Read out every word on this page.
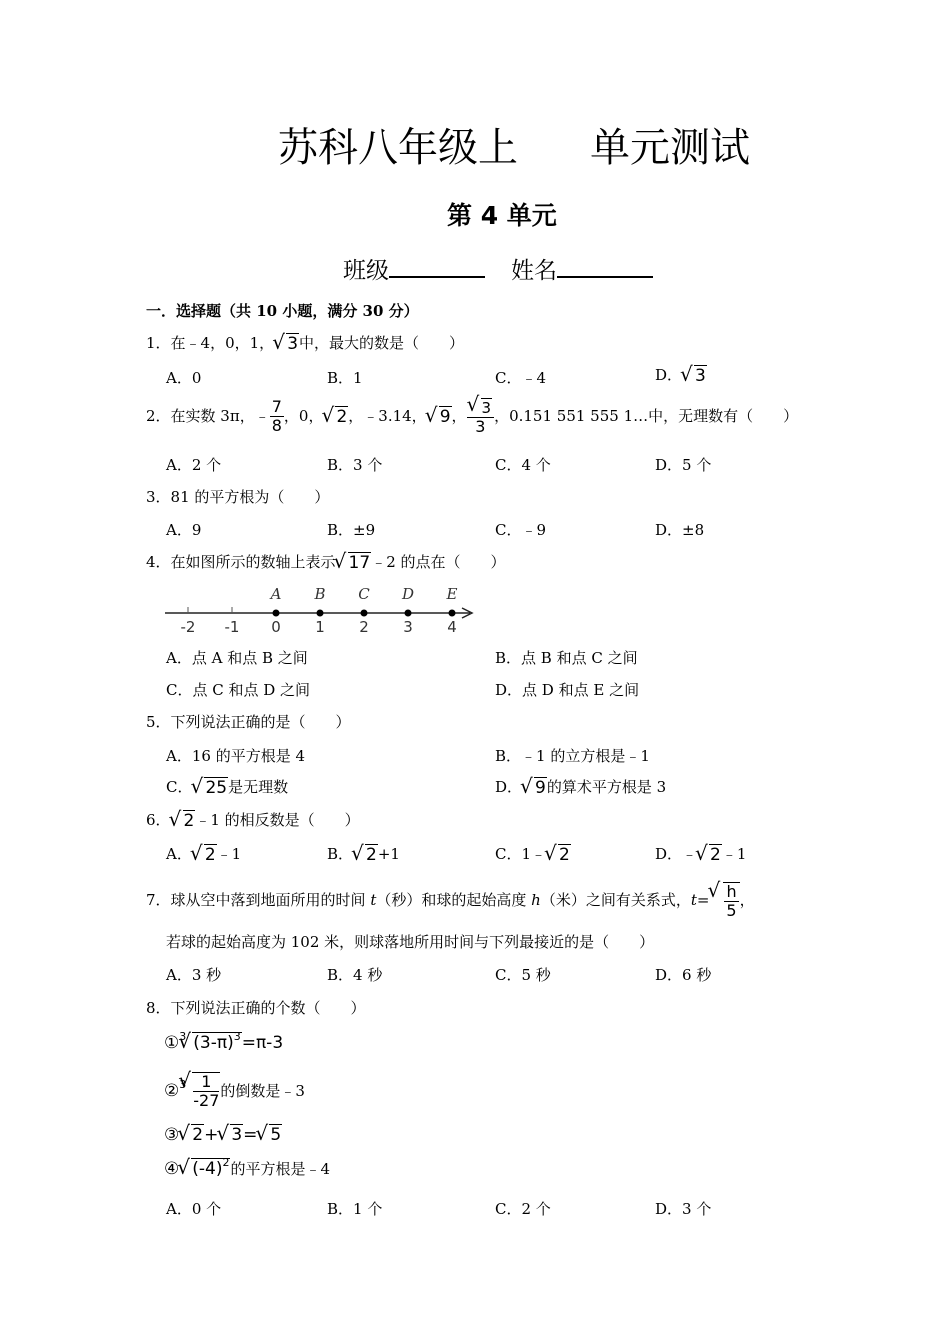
苏科八年级上 单元测试
第 4 单元
班级	姓名
一．选择题（共 10 小题，满分 30 分）
1．在﹣4，0，1， √ 3中，最大的数是（　　）
A．0	B．1	C．﹣4	D． √ 3
2．在实数 3π，﹣ $\frac{7}{8}$ ，0， √ 2，﹣3.14， √ 9， √ $\frac{3}{3}$ ，0.151 551 555 1…中，无理数有（　　）
A．2 个	B．3 个	C．4 个	D．5 个
3．81 的平方根为（　　）
A．9	B．±9	C．﹣9	D．±8
4．在如图所示的数轴上表示 √ 17﹣2 的点在（　　）
-2 -1 0 1 2 3 4
A B C D E
A．点 A 和点 B 之间	B．点 B 和点 C 之间
C．点 C 和点 D 之间	D．点 D 和点 E 之间
5．下列说法正确的是（　　）
A．16 的平方根是 4	B．﹣1 的立方根是﹣1
C． √ 25是无理数	D． √ 9的算术平方根是 3
6． √ 2﹣1 的相反数是（　　）
A． √ 2﹣1	B． √ 2+1	C．1﹣ √ 2	D．﹣ √ 2﹣1
7．球从空中落到地面所用的时间 t（秒）和球的起始高度 h（米）之间有关系式，t= √ $\frac{h}{5}$ ，
若球的起始高度为 102 米，则球落地所用时间与下列最接近的是（　　）
A．3 秒	B．4 秒	C．5 秒	D．6 秒
8．下列说法正确的个数（　　）
①$^3$ √ $(3-\pi)^3=\pi-3$
②$^3$ √ $\frac{1}{-27}$ 的倒数是﹣3
③ √ 2+ √ 3= √ 5
④ √ $(-4)^2$的平方根是﹣4
A．0 个	B．1 个	C．2 个	D．3 个
